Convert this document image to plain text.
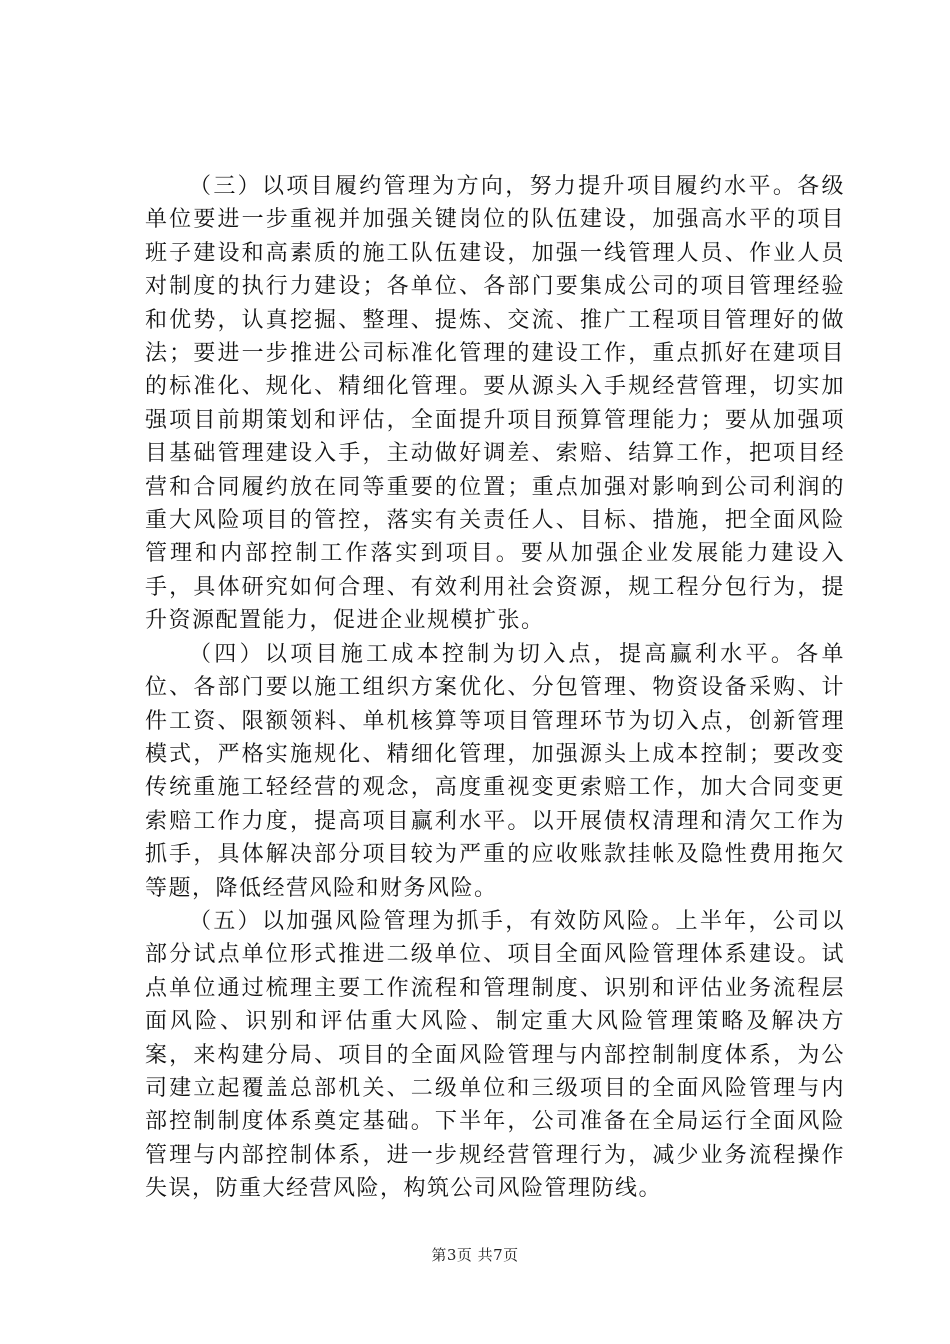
（三）以项目履约管理为方向，努力提升项目履约水平。各级单位要进一步重视并加强关键岗位的队伍建设，加强高水平的项目班子建设和高素质的施工队伍建设，加强一线管理人员、作业人员对制度的执行力建设；各单位、各部门要集成公司的项目管理经验和优势，认真挖掘、整理、提炼、交流、推广工程项目管理好的做法；要进一步推进公司标准化管理的建设工作，重点抓好在建项目的标准化、规化、精细化管理。要从源头入手规经营管理，切实加强项目前期策划和评估，全面提升项目预算管理能力；要从加强项目基础管理建设入手，主动做好调差、索赔、结算工作，把项目经营和合同履约放在同等重要的位置；重点加强对影响到公司利润的重大风险项目的管控，落实有关责任人、目标、措施，把全面风险管理和内部控制工作落实到项目。要从加强企业发展能力建设入手，具体研究如何合理、有效利用社会资源，规工程分包行为，提升资源配置能力，促进企业规模扩张。

（四）以项目施工成本控制为切入点，提高赢利水平。各单位、各部门要以施工组织方案优化、分包管理、物资设备采购、计件工资、限额领料、单机核算等项目管理环节为切入点，创新管理模式，严格实施规化、精细化管理，加强源头上成本控制；要改变传统重施工轻经营的观念，高度重视变更索赔工作，加大合同变更索赔工作力度，提高项目赢利水平。以开展债权清理和清欠工作为抓手，具体解决部分项目较为严重的应收账款挂帐及隐性费用拖欠等题，降低经营风险和财务风险。

（五）以加强风险管理为抓手，有效防风险。上半年，公司以部分试点单位形式推进二级单位、项目全面风险管理体系建设。试点单位通过梳理主要工作流程和管理制度、识别和评估业务流程层面风险、识别和评估重大风险、制定重大风险管理策略及解决方案，来构建分局、项目的全面风险管理与内部控制制度体系，为公司建立起覆盖总部机关、二级单位和三级项目的全面风险管理与内部控制制度体系奠定基础。下半年，公司准备在全局运行全面风险管理与内部控制体系，进一步规经营管理行为，减少业务流程操作失误，防重大经营风险，构筑公司风险管理防线。

第3页 共7页
